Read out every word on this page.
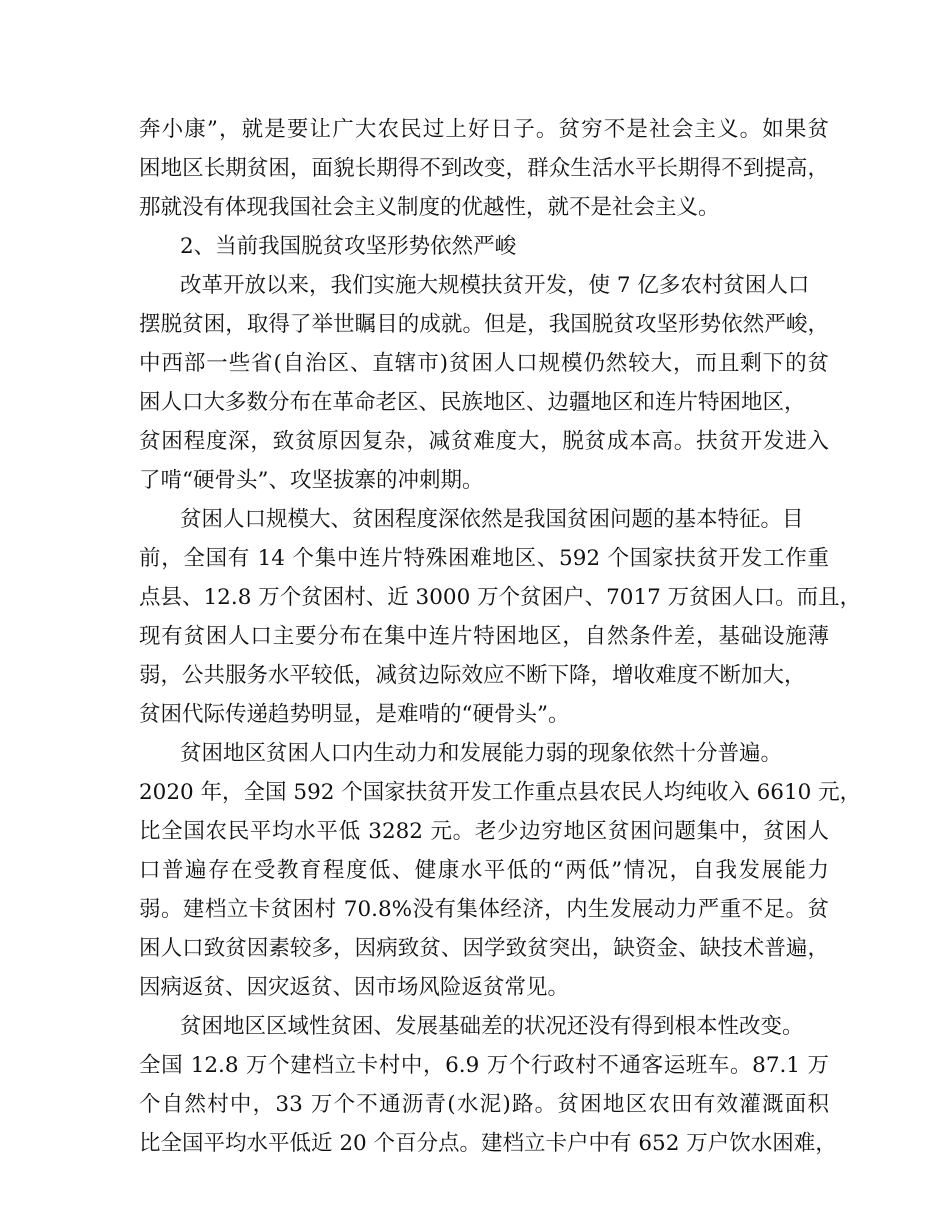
奔小康”，就是要让广大农民过上好日子。贫穷不是社会主义。如果贫
困地区长期贫困，面貌长期得不到改变，群众生活水平长期得不到提高，
那就没有体现我国社会主义制度的优越性，就不是社会主义。
2、当前我国脱贫攻坚形势依然严峻
改革开放以来，我们实施大规模扶贫开发，使 7 亿多农村贫困人口
摆脱贫困，取得了举世瞩目的成就。但是，我国脱贫攻坚形势依然严峻，
中西部一些省(自治区、直辖市)贫困人口规模仍然较大，而且剩下的贫
困人口大多数分布在革命老区、民族地区、边疆地区和连片特困地区，
贫困程度深，致贫原因复杂，减贫难度大，脱贫成本高。扶贫开发进入
了啃“硬骨头”、攻坚拔寨的冲刺期。
贫困人口规模大、贫困程度深依然是我国贫困问题的基本特征。目
前，全国有 14 个集中连片特殊困难地区、592 个国家扶贫开发工作重
点县、12.8 万个贫困村、近 3000 万个贫困户、7017 万贫困人口。而且，
现有贫困人口主要分布在集中连片特困地区，自然条件差，基础设施薄
弱，公共服务水平较低，减贫边际效应不断下降，增收难度不断加大，
贫困代际传递趋势明显，是难啃的“硬骨头”。
贫困地区贫困人口内生动力和发展能力弱的现象依然十分普遍。
2020 年，全国 592 个国家扶贫开发工作重点县农民人均纯收入 6610 元，
比全国农民平均水平低 3282 元。老少边穷地区贫困问题集中，贫困人
口普遍存在受教育程度低、健康水平低的“两低”情况，自我发展能力
弱。建档立卡贫困村 70.8%没有集体经济，内生发展动力严重不足。贫
困人口致贫因素较多，因病致贫、因学致贫突出，缺资金、缺技术普遍，
因病返贫、因灾返贫、因市场风险返贫常见。
贫困地区区域性贫困、发展基础差的状况还没有得到根本性改变。
全国 12.8 万个建档立卡村中，6.9 万个行政村不通客运班车。87.1 万
个自然村中，33 万个不通沥青(水泥)路。贫困地区农田有效灌溉面积
比全国平均水平低近 20 个百分点。建档立卡户中有 652 万户饮水困难，
